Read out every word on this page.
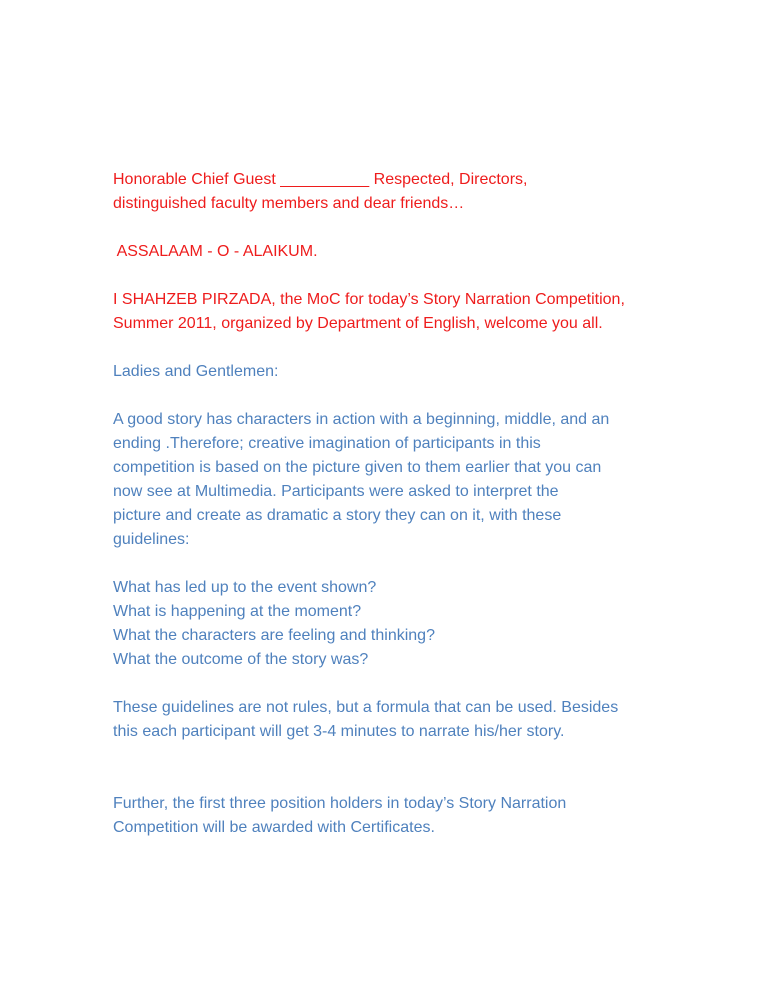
Honorable Chief Guest __________ Respected, Directors,
distinguished faculty members and dear friends…

ASSALAAM - O - ALAIKUM.

I SHAHZEB PIRZADA, the MoC for today’s Story Narration Competition,
Summer 2011, organized by Department of English, welcome you all.

Ladies and Gentlemen:

A good story has characters in action with a beginning, middle, and an
ending .Therefore; creative imagination of participants in this
competition is based on the picture given to them earlier that you can
now see at Multimedia. Participants were asked to interpret the
picture and create as dramatic a story they can on it, with these
guidelines:

What has led up to the event shown?
What is happening at the moment?
What the characters are feeling and thinking?
What the outcome of the story was?

These guidelines are not rules, but a formula that can be used. Besides
this each participant will get 3-4 minutes to narrate his/her story.

Further, the first three position holders in today’s Story Narration
Competition will be awarded with Certificates.
